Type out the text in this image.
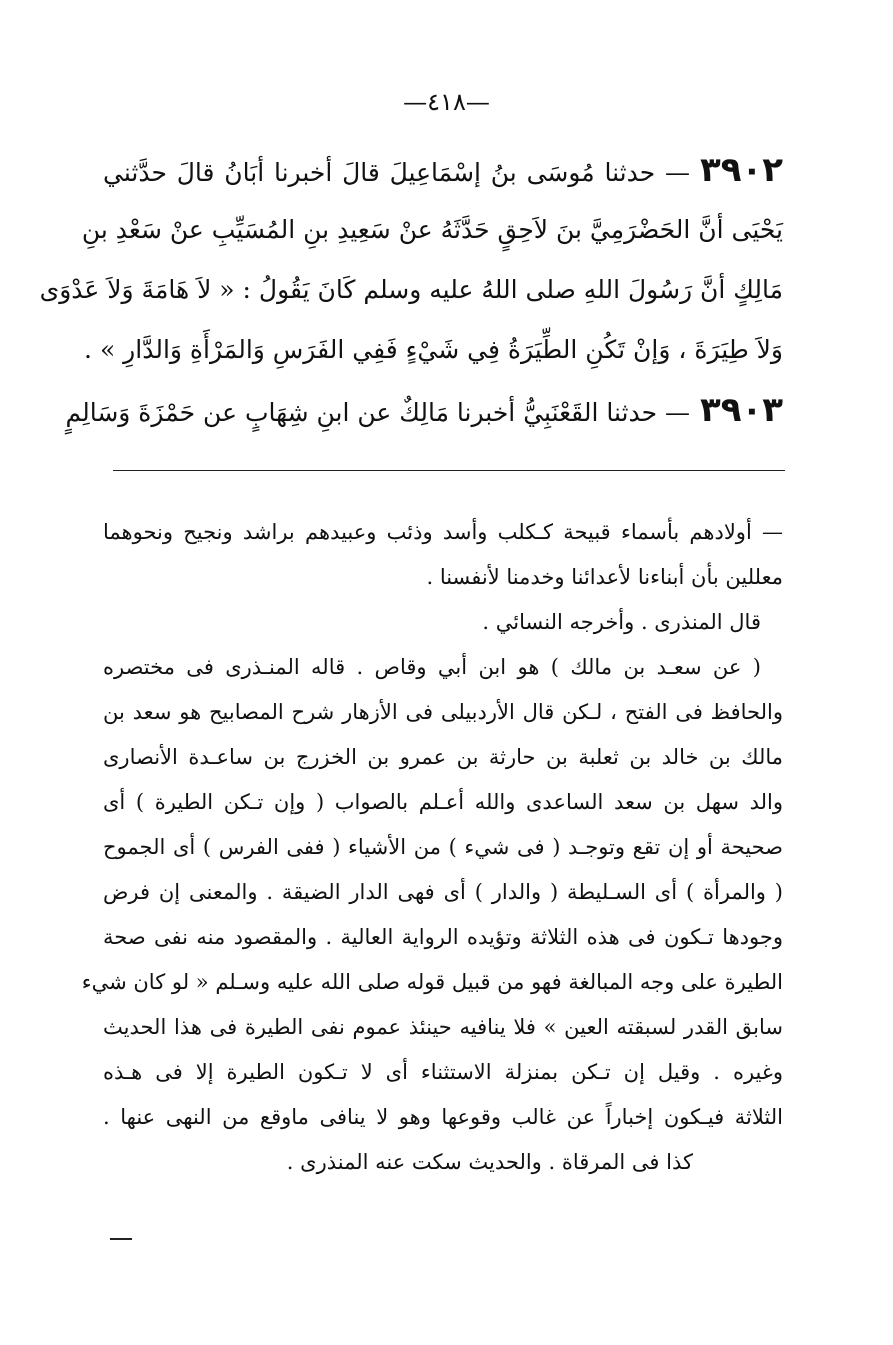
—٤١٨—
٣٩٠٢— حدثنا مُوسَى بنُ إسْمَاعِيلَ قالَ أخبرنا أبَانُ قالَ حدَّثني
يَحْيَى أنَّ الحَضْرَمِيَّ بنَ لاَحِقٍ حَدَّثَهُ عنْ سَعِيدِ بنِ المُسَيِّبِ عنْ سَعْدِ بنِ
مَالِكٍ أنَّ رَسُولَ اللهِ صلى اللهُ عليه وسلم كَانَ يَقُولُ : « لاَ هَامَةَ وَلاَ عَدْوَى
وَلاَ طِيَرَةَ ، وَإنْ تَكُنِ الطِّيَرَةُ فِي شَيْءٍ فَفِي الفَرَسِ وَالمَرْأَةِ وَالدَّارِ » .
٣٩٠٣— حدثنا القَعْنَبِيُّ أخبرنا مَالِكٌ عن ابنِ شِهَابٍ عن حَمْزَةَ وَسَالِمٍ
— أولادهم بأسماء قبيحة كـكلب وأسد وذئب وعبيدهم براشد ونجيح ونحوهما
معللين بأن أبناءنا لأعدائنا وخدمنا لأنفسنا .
قال المنذرى . وأخرجه النسائي .
( عن سعـد بن مالك ) هو ابن أبي وقاص . قاله المنـذرى فى مختصره
والحافظ فى الفتح ، لـكن قال الأردبيلى فى الأزهار شرح المصابيح هو سعد بن
مالك بن خالد بن ثعلبة بن حارثة بن عمرو بن الخزرج بن ساعـدة الأنصارى
والد سهل بن سعد الساعدى والله أعـلم بالصواب ( وإن تـكن الطيرة ) أى
صحيحة أو إن تقع وتوجـد ( فى شيء ) من الأشياء ( ففى الفرس ) أى الجموح
( والمرأة ) أى السـليطة ( والدار ) أى فهى الدار الضيقة . والمعنى إن فرض
وجودها تـكون فى هذه الثلاثة وتؤيده الرواية العالية . والمقصود منه نفى صحة
الطيرة على وجه المبالغة فهو من قبيل قوله صلى الله عليه وسـلم « لو كان شيء
سابق القدر لسبقته العين » فلا ينافيه حينئذ عموم نفى الطيرة فى هذا الحديث
وغيره . وقيل إن تـكن بمنزلة الاستثناء أى لا تـكون الطيرة إلا فى هـذه
الثلاثة فيـكون إخباراً عن غالب وقوعها وهو لا ينافى ماوقع من النهى عنها .
كذا فى المرقاة . والحديث سكت عنه المنذرى .
